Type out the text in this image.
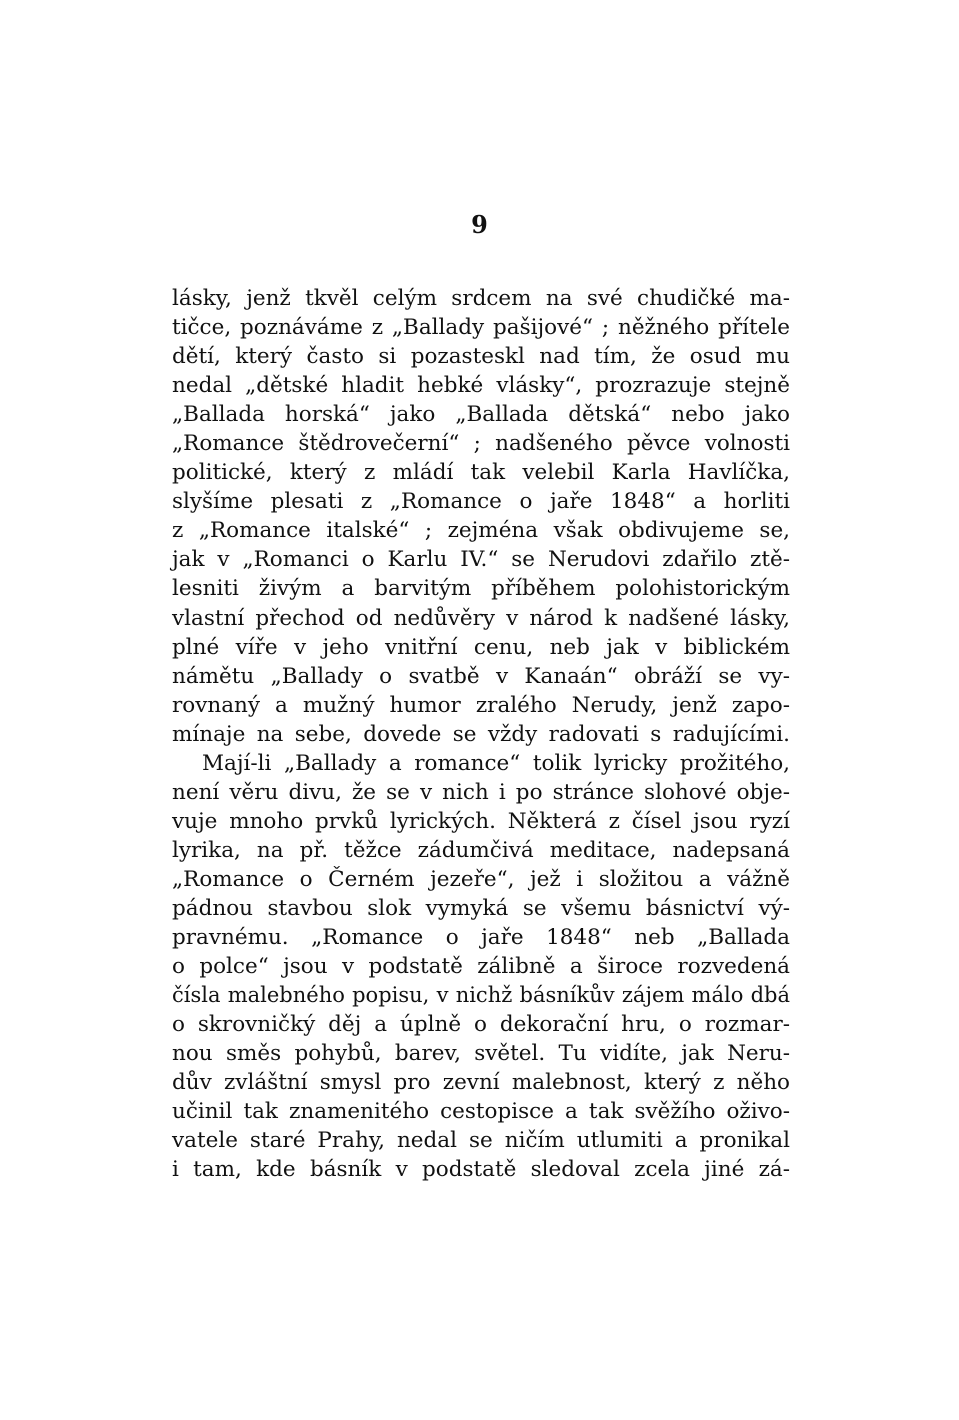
9
lásky, jenž tkvěl celým srdcem na své chudičké ma-
tičce, poznáváme z „Ballady pašijové“ ; něžného přítele
dětí, který často si pozasteskl nad tím, že osud mu
nedal „dětské hladit hebké vlásky“, prozrazuje stejně
„Ballada horská“ jako „Ballada dětská“ nebo jako
„Romance štědrovečerní“ ; nadšeného pěvce volnosti
politické, který z mládí tak velebil Karla Havlíčka,
slyšíme plesati z „Romance o jaře 1848“ a horliti
z „Romance italské“ ; zejména však obdivujeme se,
jak v „Romanci o Karlu IV.“ se Nerudovi zdařilo ztě-
lesniti živým a barvitým příběhem polohistorickým
vlastní přechod od nedůvěry v národ k nadšené lásky,
plné víře v jeho vnitřní cenu, neb jak v biblickém
námětu „Ballady o svatbě v Kanaán“ obráží se vy-
rovnaný a mužný humor zralého Nerudy, jenž zapo-
mínaje na sebe, dovede se vždy radovati s radujícími.
Mají-li „Ballady a romance“ tolik lyricky prožitého,
není věru divu, že se v nich i po stránce slohové obje-
vuje mnoho prvků lyrických. Některá z čísel jsou ryzí
lyrika, na př. těžce zádumčivá meditace, nadepsaná
„Romance o Černém jezeře“, jež i složitou a vážně
pádnou stavbou slok vymyká se všemu básnictví vý-
pravnému. „Romance o jaře 1848“ neb „Ballada
o polce“ jsou v podstatě zálibně a široce rozvedená
čísla malebného popisu, v nichž básníkův zájem málo dbá
o skrovničký děj a úplně o dekorační hru, o rozmar-
nou směs pohybů, barev, světel. Tu vidíte, jak Neru-
dův zvláštní smysl pro zevní malebnost, který z něho
učinil tak znamenitého cestopisce a tak svěžího oživo-
vatele staré Prahy, nedal se ničím utlumiti a pronikal
i tam, kde básník v podstatě sledoval zcela jiné zá-
